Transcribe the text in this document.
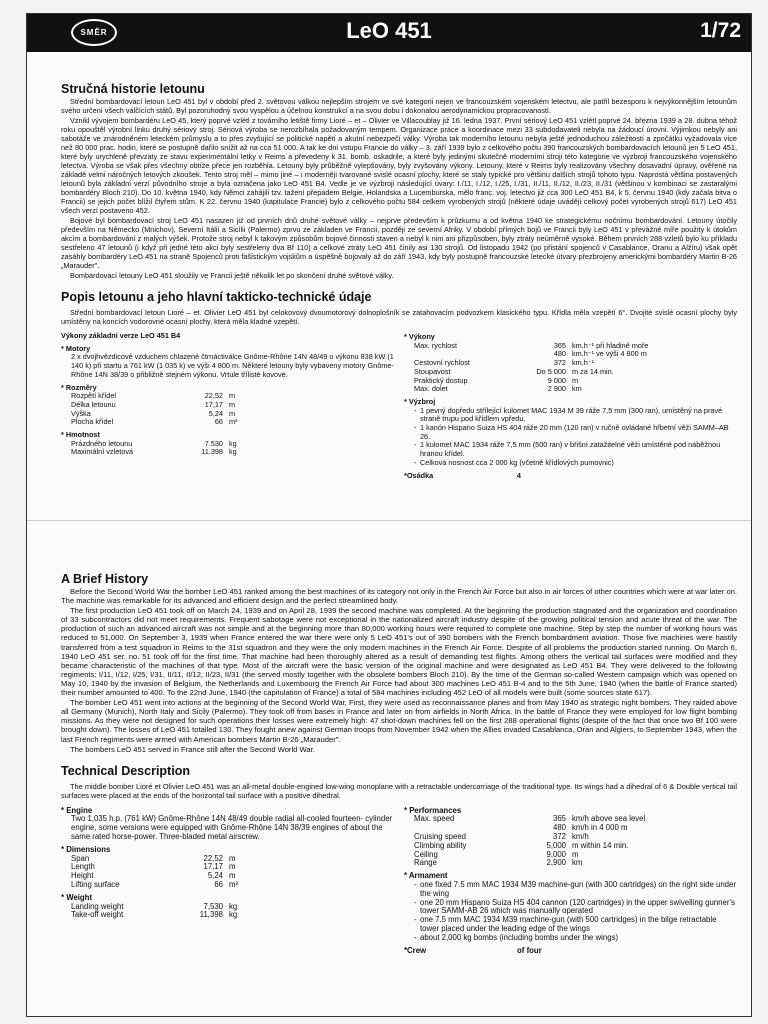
SMĚR	LeO 451	1/72
Stručná historie letounu

Střední bombardovací letoun LeO 451 byl v období před 2. světovou válkou nejlepším strojem ve své kategorii nejen ve francouzském vojenském letectvu, ale patřil bezesporu k nejvýkonnějším letounům svého určení všech válčících států. Byl pozoruhodný svou vyspělou a účelnou konstrukcí a na svou dobu i dokonalou aerodynamickou propracovaností.

Vznikl vývojem bombardéru LeO 45, který poprvé vzlétl z továrního letiště firmy Lioré – et – Olivier ve Villacoublay již 16. ledna 1937. První sériový LeO 451 vzlétl poprvé 24. března 1939 a 28. dubna téhož roku opouštěl výrobní linku druhý sériový stroj. Sériová výroba se nerozbíhala požadovaným tempem. Organizace práce a koordinace mezi 33 subdodavateli nebyla na žádoucí úrovni. Výjimkou nebyly ani sabotáže ve znárodněném leteckém průmyslu a to přes zvyšující se politické napětí a akutní nebezpečí války. Výroba tak moderního letounu nebyla ještě jednoduchou záležitostí a zpočátku vyžadovala více než 80 000 prac. hodin, které se postupně dařilo snížit až na cca 51 000. A tak ke dni vstupu Francie do války – 3. září 1939 bylo z celkového počtu 390 francouzských bombardovacích letounů jen 5 LeO 451, které byly urychleně převzaty ze stavu experimentální letky v Reims a převedeny k 31. bomb. oskadrile, a které byly jedinými skutečně moderními stroji této kategorie ve výzbroji francouzského vojenského letectva. Výroba se však přes všechny obtíže přece jen rozběhla. Letouny byly průběžně vylepšovány, byly zvyšovány výkony. Letouny, které v Reims byly realizovány všechny dosavadní úpravy, ověřené na základě velmi náročných letových zkoušek. Tento stroj měl – mimo jiné – i moderněji tvarované svislé ocasní plochy, které se staly typické pro většinu dalších strojů tohoto typu. Naprostá většina postavených letounů byla základní verzí původního stroje a byla označena jako LeO 451 B4. Vedle je ve výzbroji následující úvary: I./11, I./12, I./25, I./31, II./11, II./12, II./23, II./31 (většinou v kombinaci se zastaralými bombardéry Bloch 210). Do 10. května 1940, kdy Němci zahájili tzv. tažení přepadem Belgie, Holandska a Lucemburska, mělo franc. voj. letectvo již cca 300 LeO 451 B4, k 5. červnu 1940 (kdy začala bitva o Francii) se jejich počet blížil čtyřem stům. K 22. červnu 1940 (kapitulace Francie) bylo z celkového počtu 584 celkem vyrobených strojů (některé údaje uvádějí celkový počet vyrobených strojů 617) LeO 451 všech verzí postaveno 452.

Bojové byl bombardovací stroj LeO 451 nasazen již od prvních dnů druhé světové války – nejprve především k průzkumu a od května 1940 ke strategickému nočnímu bombardování. Letouny útočily především na Německo (Mnichov), Severní Itálii a Sicílii (Palermo) zprvu ze základen ve Francii, později ze severní Afriky. V období přímých bojů ve Francii byly LeO 451 v převážné míře použity k útokům akcím a bombardování z malých výšek. Protože stroj nebyl k takovým způsobům bojové činnosti staven a nebyl k nim ani přizpůsoben, byly ztráty neúměrně vysoké. Během prvních 288 vzletů bylo ku příkladu sestřeleno 47 letounů (i když při jedné této akci byly sestřeleny dva Bf 110) a celkové ztráty LeO 451 činily asi 130 strojů. Od listopadu 1942 (po přistání spojenců v Casablance, Oranu a Alžíru) však opět zasáhly bombardéry LeO 451 na straně Spojenců proti fašistickým vojskům a úspěšně bojovaly až do září 1943, kdy byly postupně francouzské letecké útvary přezbrojeny americkými bombardéry Martin B-26 „Marauder".

Bombardovací letouny LeO 451 sloužily ve Francii ještě několik let po skončení druhé světové války.

Popis letounu a jeho hlavní takticko-technické údaje

Střední bombardovací letoun Lioré – et. Olivier LeO 451 byl celokovový dvoumotorový dolnoplošník se zatahovacím podvozkem klasického typu. Křídla měla vzepětí 6°. Dvojité svislé ocasní plochy byly umístěny na koncích vodorovné ocasní plochy, která měla kladné vzepětí.

Výkony základní verze LeO 451 B4
* Motory
2 x dvojhvězdicové vzduchem chlazené čtrnáctiválce Gnôme-Rhône 14N 48/49 o výkonu 838 kW (1 140 k) při startu a 761 kW (1 035 k) ve výši 4 800 m. Některé letouny byly vybaveny motory Gnôme-Rhône 14N 38/39 o přibližně stejném výkonu. Vrtule třílisté kovové.
* Rozměry
Rozpětí křídel	22,52 m
Délka letounu	17,17 m
Výška	5,24 m
Plocha křídel	66 m²
* Hmotnost
Prázdného letounu	7.530 kg
Maximální vzletová	11.398 kg
* Výkony
Max. rychlost	365 km.h⁻¹ při hladině moře
480 km.h⁻¹ ve výši 4 800 m
Cestovní rychlost	372 km.h⁻¹
Stoupavost	Do 5 000 m za 14 min.
Praktický dostup	9 000 m
Max. dolet	2 900 km
* Výzbroj
- 1 pevný dopředu střílející kulomet MAC 1934 M 39 ráže 7,5 mm (300 ran), umístěný na pravé straně trupu pod křídlem vpředu.
- 1 kanón Hispano Suiza HS 404 ráže 20 mm (120 ran) v ručně ovládané hřbetní věži SAMM–AB 26.
- 1 kulomet MAC 1934 ráže 7,5 mm (500 ran) v břišní zatažitelné věži umístěné pod náběžnou hranou křídel.
- Celková nosnost cca 2 000 kg (včetně křídlových pumovnic)
* Osádka	4
A Brief History

Before the Second World War the bomber LeO 451 ranked among the best machines of its category not only in the French Air Force but also in air forces of other countries which were at war later on. The machine was remarkable for its advanced and efficient design and the perfect streamlined body.

The first production LeO 451 took off on March 24, 1939 and on April 28, 1939 the second machine was completed. At the beginning the production stagnated and the organization and coordination of 33 subcontractors did not meet requirements. Frequent sabotage were not exceptional in the nationalized aircraft industry despite of the growing political tension and acute threat of the war. The production of such an advanced aircraft was not simple and at the beginning more than 80,000 working hours were required to complete one machine. Step by step the number of working hours was reduced to 51,000. On September 3, 1939 when France entered the war there were only 5 LeO 451's out of 390 bombers with the French bombardment aviation. Those five machines were hastily transferred from a test squadron in Reims to the 31st squadron and they were the only modern machines in the French Air Force. Despite of all problems the production started running. On March 6, 1940 LeO 451 ser. no. 51 took off for the first time. That machine had been thoroughly altered as a result of demanding test flights. Among others the vertical tail surfaces were modified and they became characteristic of the machines of that type. Most of the aircraft were the basic version of the original machine and were designated as LeO 451 B4. They were delivered to the following regiments: I/11, I/12, I/25, I/31, II/11, II/12, II/23, II/31 (the served mostly together with the obsolete bombers Bloch 210). By the time of the German so-called Western campaign which was opened on May 10, 1940 by the invasion of Belgium, the Netherlands and Luxembourg the French Air Force had about 300 machines LeO 451 B-4 and to the 5th June, 1940 (when the battle of France started) their number amounted to 400. To the 22nd June, 1940 (the capitulation of France) a total of 584 machines including 452 LeO of all models were built (some sources state 617).

The bomber LeO 451 went into actions at the beginning of the Second World War. First, they were used as reconnaissance planes and from May 1940 as strategic night bombers. They raided above all Germany (Munich), North Italy and Sicily (Palermo). They took off from bases in France and later on from airfields in North Africa. In the battle of France they were employed for low flight bombing missions. As they were not designed for such operations their losses were extremely high: 47 shot-down machines fell on the first 288 operational flights (despite of the fact that once two Bf 100 were brought down). The losses of LeO 451 totalled 130. They fought anew against German troops from November 1942 when the Allies invaded Casablanca, Oran and Algiers, to September 1943, when the last French regiments were armed with American bombers Martin B-26 „Marauder".

The bombers LeO 451 served in France still after the Second World War.

Technical Description

The middle bomber Lioré et Olivier LeO 451 was an all-metal double-engined low-wing monoplane with a retractable undercarriage of the traditional type. Its wings had a dihedral of 6 & Double vertical tail surfaces were placed at the ends of the horizontal tail surface with a positive dihedral.

* Engine
Two 1,035 h.p. (761 kW) Gnôme-Rhône 14N 48/49 double radial all-cooled fourteen- cylinder engine, some versions were equipped with Gnôme-Rhône 14N 38/39 engines of about the same rated horse-power. Three-bladed metal airscrew.
* Dimensions
Span	22,52 m
Length	17,17 m
Height	5,24 m
Lifting surface	66 m²
* Weight
Landing weight	7,530 kg
Take-off weight	11,398 kg
* Performances
Max. speed	365 km/h above sea level
480 km/h in 4 000 m
Cruising speed	372 km/h
Climbing ability	5,000 m within 14 min.
Ceiling	9,000 m
Range	2,900 km
* Armament
- one fixed 7.5 mm MAC 1934 M39 machine-gun (with 300 cartridges) on the right side under the wing
- one 20 mm Hispano Suiza HS 404 cannon (120 cartridges) in the upper swivelling gunner's tower SAMM-AB 26 which was manually operated
- one 7.5 mm MAC 1934 M39 machine-gun (with 500 cartridges) in the bilge retractable tower placed under the leading edge of the wings
- about 2,000 kg bombs (including bombs under the wings)
* Crew	of four
